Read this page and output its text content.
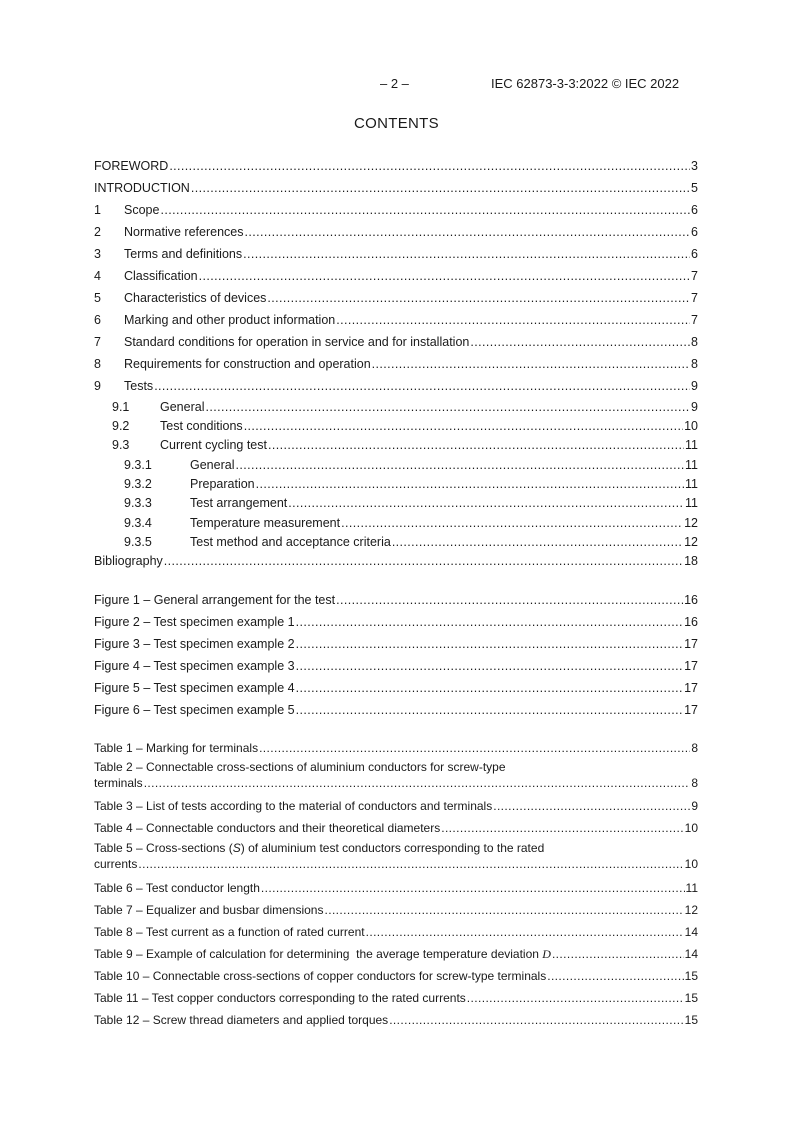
– 2 –	IEC 62873-3-3:2022 © IEC 2022
CONTENTS
FOREWORD .....	3
INTRODUCTION .....	5
1	Scope .....	6
2	Normative references .....	6
3	Terms and definitions .....	6
4	Classification .....	7
5	Characteristics of devices .....	7
6	Marking and other product information .....	7
7	Standard conditions for operation in service and for installation .....	8
8	Requirements for construction and operation .....	8
9	Tests .....	9
9.1	General .....	9
9.2	Test conditions .....	10
9.3	Current cycling test .....	11
9.3.1	General .....	11
9.3.2	Preparation .....	11
9.3.3	Test arrangement .....	11
9.3.4	Temperature measurement .....	12
9.3.5	Test method and acceptance criteria .....	12
Bibliography .....	18
Figure 1 – General arrangement for the test .....	16
Figure 2 – Test specimen example 1 .....	16
Figure 3 – Test specimen example 2 .....	17
Figure 4 – Test specimen example 3 .....	17
Figure 5 – Test specimen example 4 .....	17
Figure 6 – Test specimen example 5 .....	17
Table 1 – Marking for terminals .....	8
Table 2 – Connectable cross-sections of aluminium conductors for screw-type
terminals .....	8
Table 3 – List of tests according to the material of conductors and terminals .....	9
Table 4 – Connectable conductors and their theoretical diameters .....	10
Table 5 – Cross-sections (S) of aluminium test conductors corresponding to the rated
currents .....	10
Table 6 – Test conductor length .....	11
Table 7 – Equalizer and busbar dimensions .....	12
Table 8 – Test current as a function of rated current .....	14
Table 9 – Example of calculation for determining  the average temperature deviation D .....	14
Table 10 – Connectable cross-sections of copper conductors for screw-type terminals .....	15
Table 11 – Test copper conductors corresponding to the rated currents .....	15
Table 12 – Screw thread diameters and applied torques .....	15
